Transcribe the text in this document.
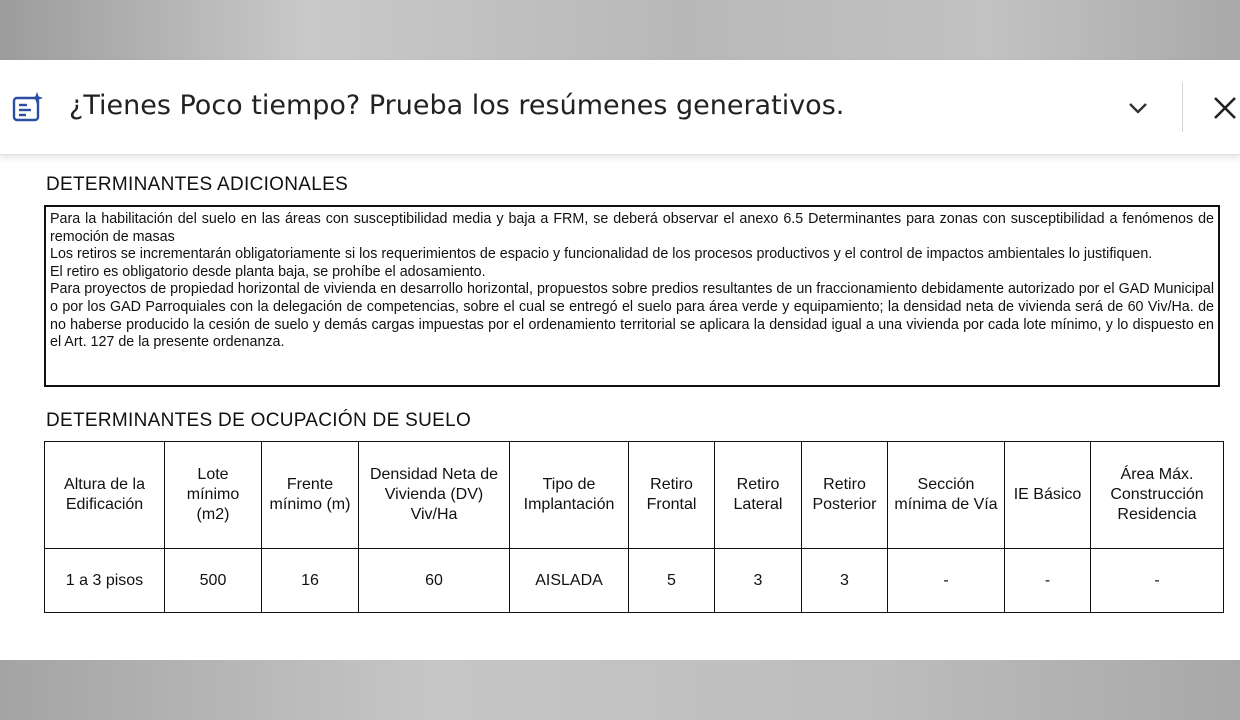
¿Tienes Poco tiempo? Prueba los resúmenes generativos.
DETERMINANTES ADICIONALES

Para la habilitación del suelo en las áreas con susceptibilidad media y baja a FRM, se deberá observar el anexo 6.5 Determinantes para zonas con susceptibilidad a fenómenos de remoción de masas

Los retiros se incrementarán obligatoriamente si los requerimientos de espacio y funcionalidad de los procesos productivos y el control de impactos ambientales lo justifiquen.

El retiro es obligatorio desde planta baja, se prohíbe el adosamiento.

Para proyectos de propiedad horizontal de vivienda en desarrollo horizontal, propuestos sobre predios resultantes de un fraccionamiento debidamente autorizado por el GAD Municipal o por los GAD Parroquiales con la delegación de competencias, sobre el cual se entregó el suelo para área verde y equipamiento; la densidad neta de vivienda será de 60 Viv/Ha. de no haberse producido la cesión de suelo y demás cargas impuestas por el ordenamiento territorial se aplicara la densidad igual a una vivienda por cada lote mínimo, y lo dispuesto en el Art. 127 de la presente ordenanza.

DETERMINANTES DE OCUPACIÓN DE SUELO
Altura de la Edificación	Lote mínimo (m2)	Frente mínimo (m)	Densidad Neta de Vivienda (DV) Viv/Ha	Tipo de Implantación	Retiro Frontal	Retiro Lateral	Retiro Posterior	Sección mínima de Vía	IE Básico	Área Máx. Construcción Residencia
1 a 3 pisos	500	16	60	AISLADA	5	3	3	-	-	-
